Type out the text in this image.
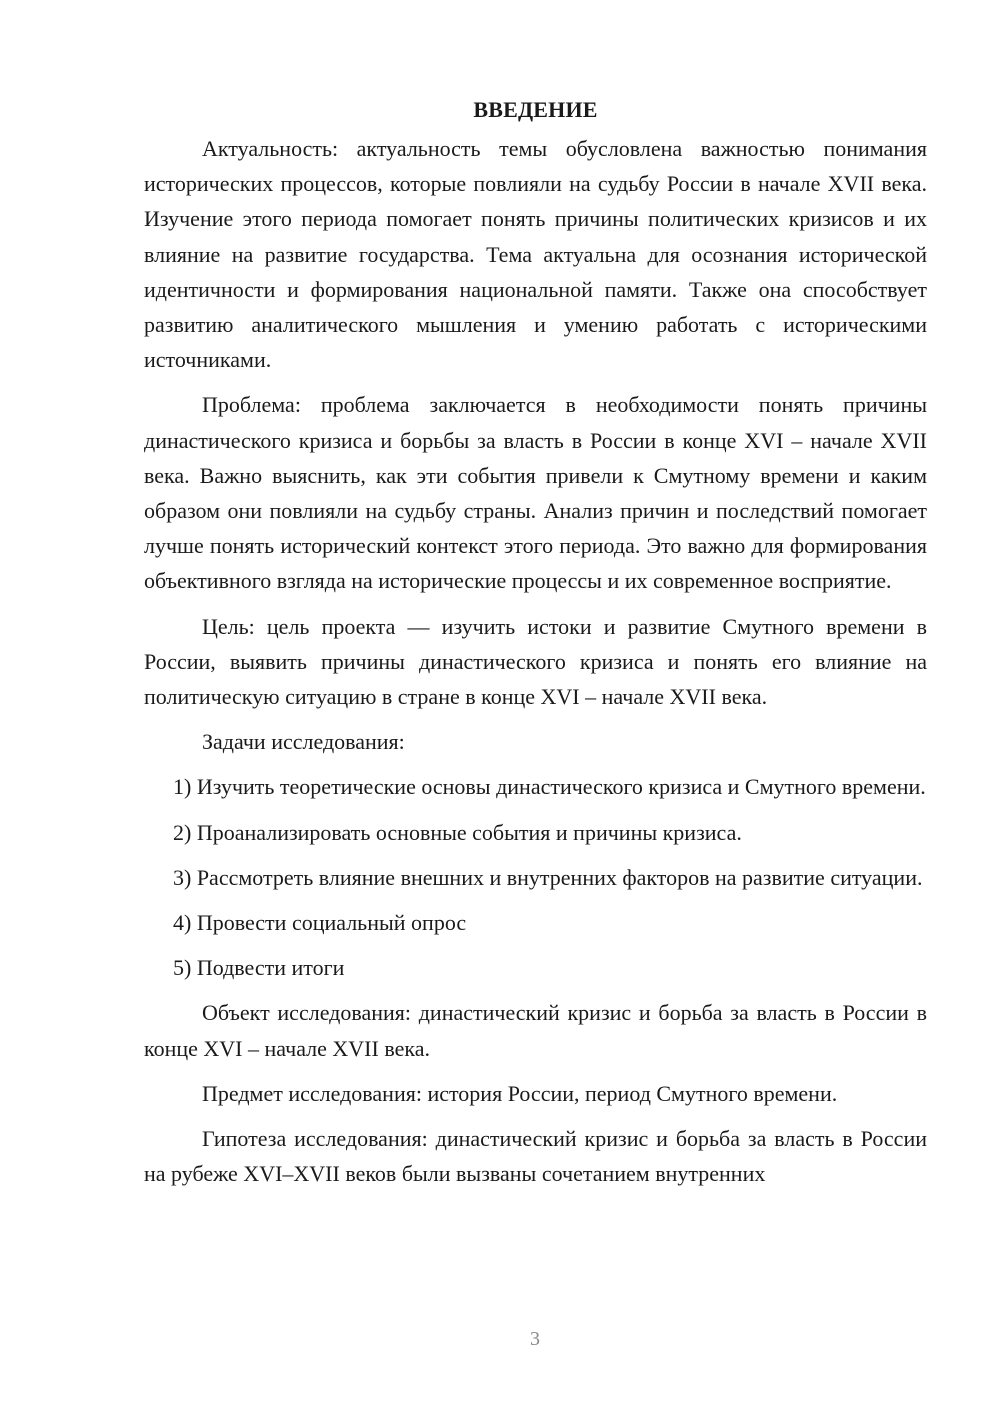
ВВЕДЕНИЕ

Актуальность: актуальность темы обусловлена важностью понимания исторических процессов, которые повлияли на судьбу России в начале XVII века. Изучение этого периода помогает понять причины политических кризисов и их влияние на развитие государства. Тема актуальна для осознания исторической идентичности и формирования национальной памяти. Также она способствует развитию аналитического мышления и умению работать с историческими источниками.

Проблема: проблема заключается в необходимости понять причины династического кризиса и борьбы за власть в России в конце XVI – начале XVII века. Важно выяснить, как эти события привели к Смутному времени и каким образом они повлияли на судьбу страны. Анализ причин и последствий помогает лучше понять исторический контекст этого периода. Это важно для формирования объективного взгляда на исторические процессы и их современное восприятие.

Цель: цель проекта — изучить истоки и развитие Смутного времени в России, выявить причины династического кризиса и понять его влияние на политическую ситуацию в стране в конце XVI – начале XVII века.

Задачи исследования:

1) Изучить теоретические основы династического кризиса и Смутного времени.

2) Проанализировать основные события и причины кризиса.

3) Рассмотреть влияние внешних и внутренних факторов на развитие ситуации.

4) Провести социальный опрос

5) Подвести итоги

Объект исследования: династический кризис и борьба за власть в России в конце XVI – начале XVII века.

Предмет исследования: история России, период Смутного времени.

Гипотеза исследования: династический кризис и борьба за власть в России на рубеже XVI–XVII веков были вызваны сочетанием внутренних

3
